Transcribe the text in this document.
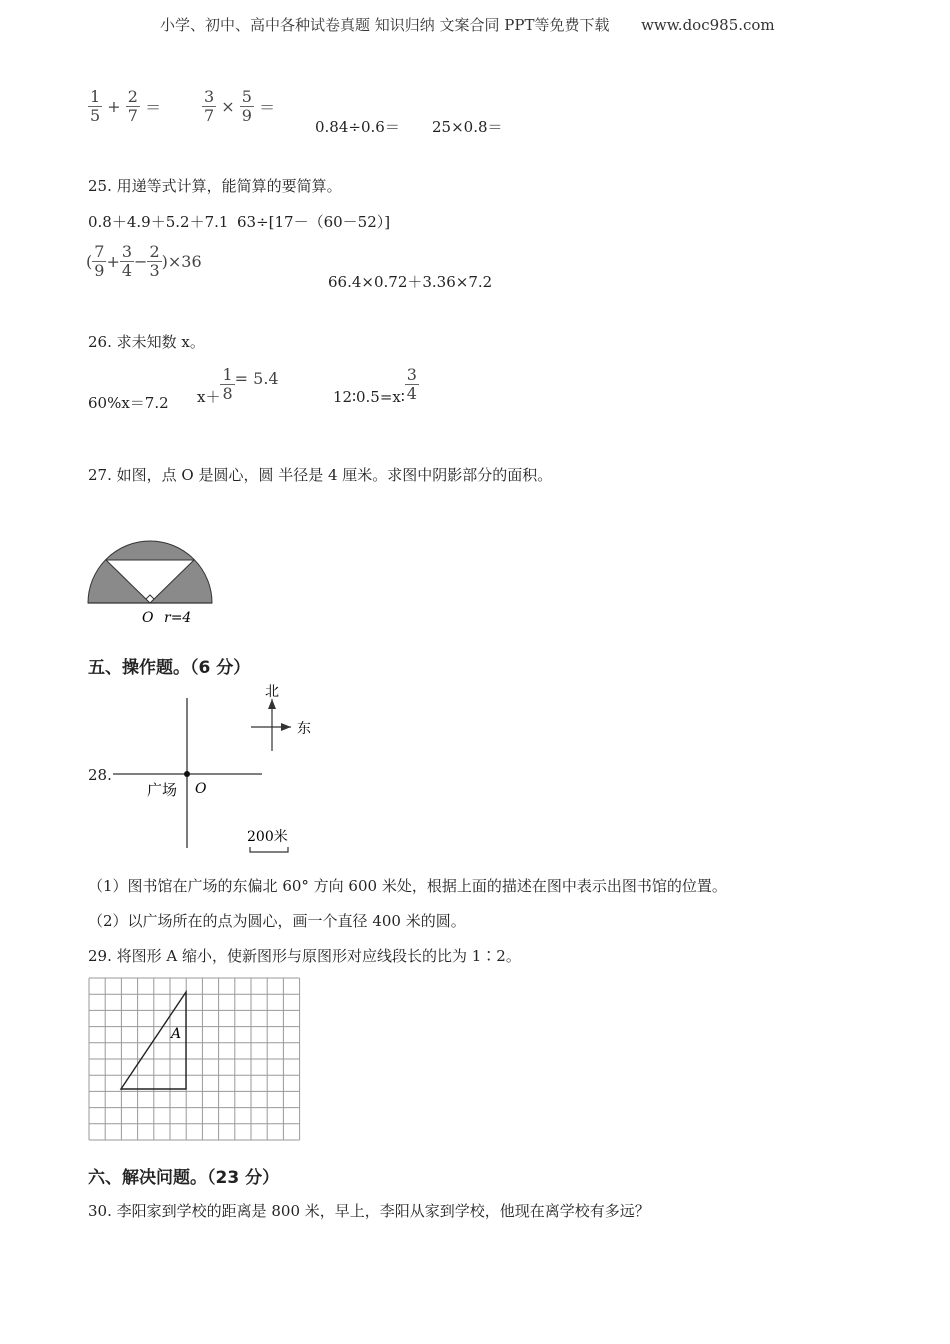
小学、初中、高中各种试卷真题 知识归纳 文案合同 PPT等免费下载 www.doc985.com
$\frac{1}{5} + \frac{2}{7}$ ＝	$\frac{3}{7} \times \frac{5}{9}$ ＝
0.84÷0.6＝ 25×0.8＝
25. 用递等式计算，能简算的要简算。
0.8＋4.9＋5.2＋7.1 63÷[17－（60－52）]
( $\frac{7}{9} + \frac{3}{4} - \frac{2}{3} )\times 36$
66.4×0.72＋3.36×7.2
26. 求未知数 x。
60%x＝7.2 $x+ \frac{1}{8} = 5.4$
12∶0.5=x∶ $\frac{3}{4}$
27. 如图，点 O 是圆心，圆 半径是 4 厘米。求图中阴影部分的面积。
O r=4
五、操作题。（6 分）
28.
广场 O
北
东
200米
（1）图书馆在广场的东偏北 60° 方向 600 米处，根据上面的描述在图中表示出图书馆的位置。
（2）以广场所在的点为圆心，画一个直径 400 米的圆。
29. 将图形 A 缩小，使新图形与原图形对应线段长的比为 1∶2。
A
六、解决问题。（23 分）
30. 李阳家到学校的距离是 800 米，早上，李阳从家到学校，他现在离学校有多远？
